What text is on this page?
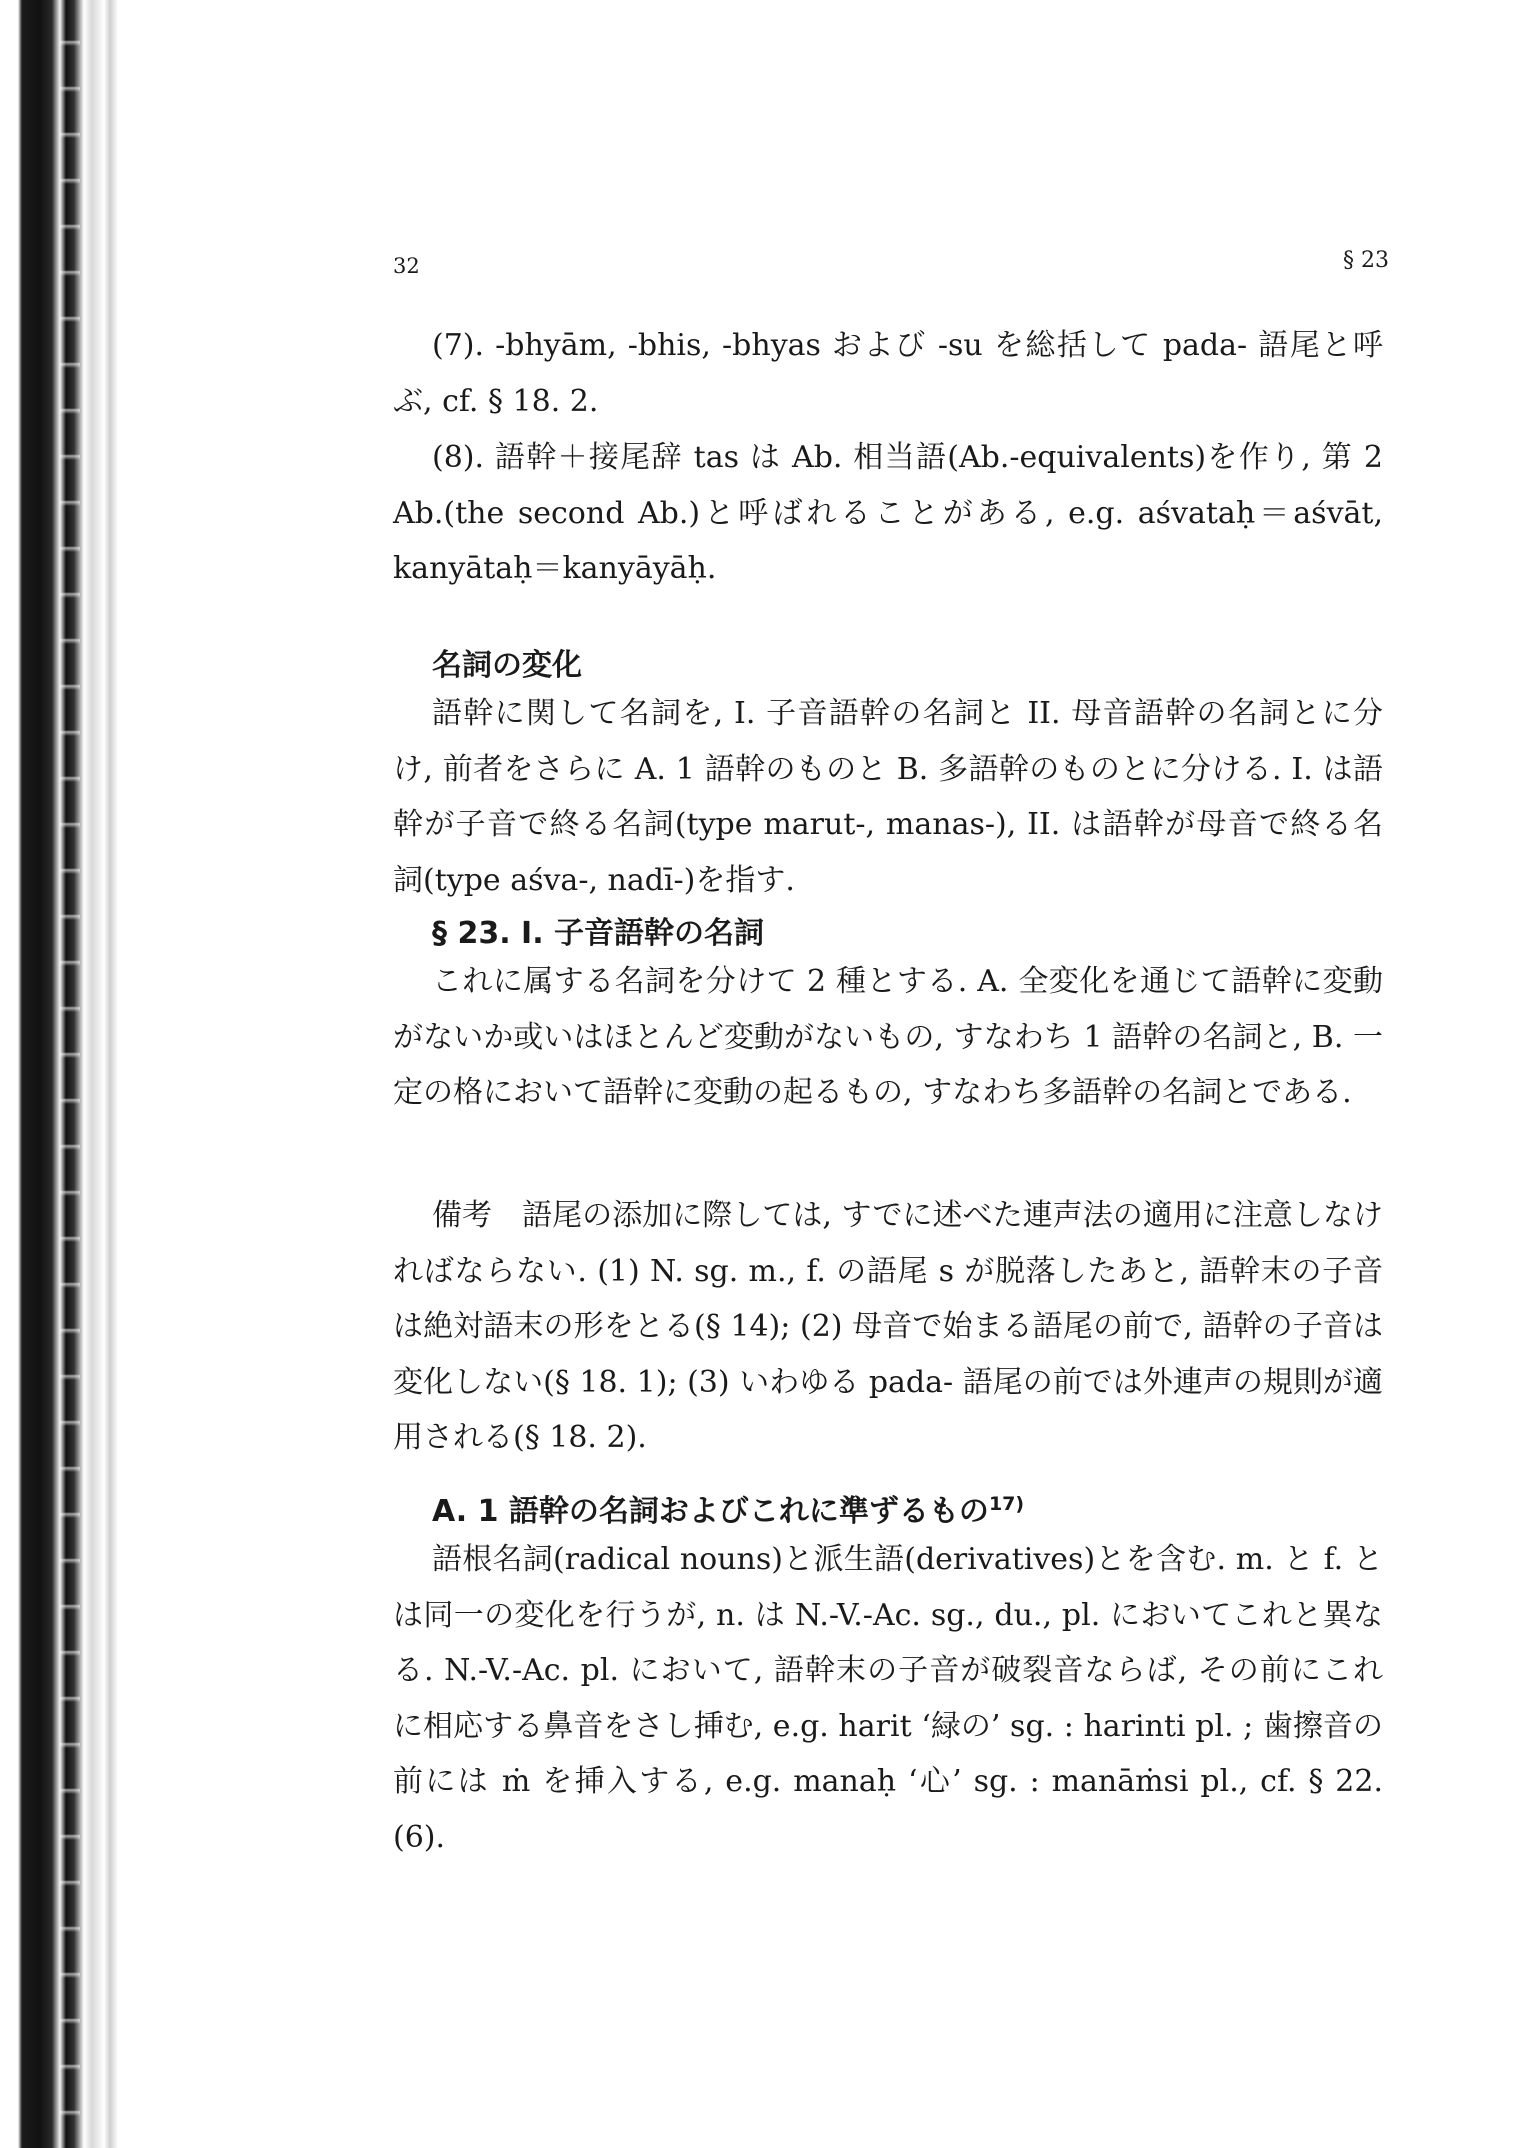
32	§ 23

(7). -bhyām, -bhis, -bhyas および -su を総括して pada- 語尾と呼ぶ, cf. § 18. 2.

(8). 語幹＋接尾辞 tas は Ab. 相当語(Ab.-equivalents)を作り, 第 2 Ab.(the second Ab.)と呼ばれることがある, e.g. aśvataḥ＝aśvāt, kanyātaḥ＝kanyāyāḥ.

名詞の変化

語幹に関して名詞を, I. 子音語幹の名詞と II. 母音語幹の名詞とに分け, 前者をさらに A. 1 語幹のものと B. 多語幹のものとに分ける. I. は語幹が子音で終る名詞(type marut-, manas-), II. は語幹が母音で終る名詞(type aśva-, nadī-)を指す.

§ 23. I. 子音語幹の名詞

これに属する名詞を分けて 2 種とする. A. 全変化を通じて語幹に変動がないか或いはほとんど変動がないもの, すなわち 1 語幹の名詞と, B. 一定の格において語幹に変動の起るもの, すなわち多語幹の名詞とである.

備考　語尾の添加に際しては, すでに述べた連声法の適用に注意しなければならない. (1) N. sg. m., f. の語尾 s が脱落したあと, 語幹末の子音は絶対語末の形をとる(§ 14); (2) 母音で始まる語尾の前で, 語幹の子音は変化しない(§ 18. 1); (3) いわゆる pada- 語尾の前では外連声の規則が適用される(§ 18. 2).

A. 1 語幹の名詞およびこれに準ずるもの$^{17)}$

語根名詞(radical nouns)と派生語(derivatives)とを含む. m. と f. とは同一の変化を行うが, n. は N.-V.-Ac. sg., du., pl. においてこれと異なる. N.-V.-Ac. pl. において, 語幹末の子音が破裂音ならば, その前にこれに相応する鼻音をさし挿む, e.g. harit ‘緑の’ sg. : harinti pl. ; 歯擦音の前には ṁ を挿入する, e.g. manaḥ ‘心’ sg. : manāṁsi pl., cf. § 22. (6).
